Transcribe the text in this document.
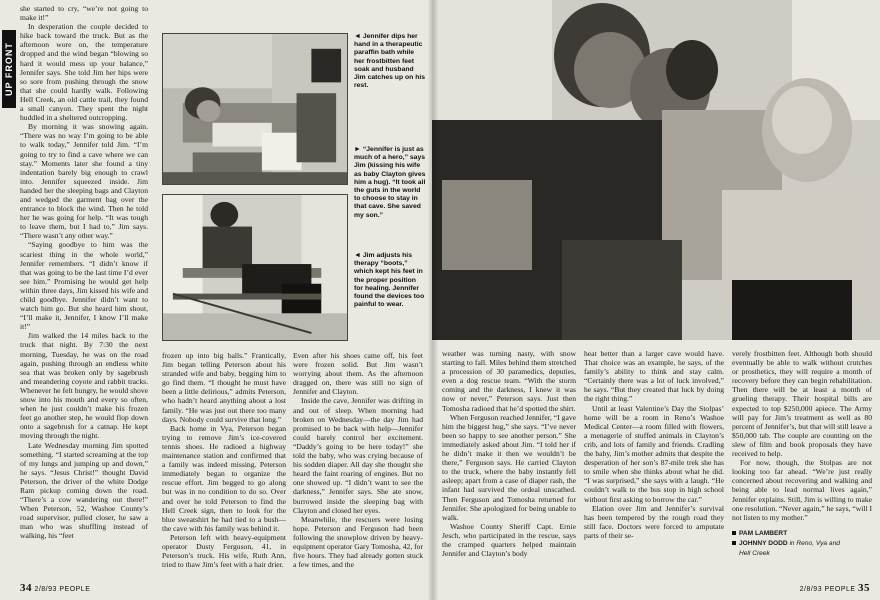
UP FRONT

she started to cry, “we’re not going to make it!”

In desperation the couple decided to hike back toward the truck. But as the afternoon wore on, the temperature dropped and the wind began “blowing so hard it would mess up your balance,” Jennifer says. She told Jim her hips were so sore from pushing through the snow that she could hardly walk. Following Hell Creek, an old cattle trail, they found a small canyon. They spent the night huddled in a sheltered outcropping.

By morning it was snowing again. “There was no way I’m going to be able to walk today,” Jennifer told Jim. “I’m going to try to find a cave where we can stay.” Moments later she found a tiny indentation barely big enough to crawl into. Jennifer squeezed inside. Jim handed her the sleeping bags and Clayton and wedged the garment bag over the entrance to block the wind. Then he told her he was going for help. “It was tough to leave them, but I had to,” Jim says. “There wasn’t any other way.”

“Saying goodbye to him was the scariest thing in the whole world,” Jennifer remembers. “I didn’t know if that was going to be the last time I’d ever see him.” Promising he would get help within three days, Jim kissed his wife and child goodbye. Jennifer didn’t want to watch him go. But she heard him shout, “I’ll make it, Jennifer, I know I’ll make it!”

Jim walked the 14 miles back to the truck that night. By 7:30 the next morning, Tuesday, he was on the road again, pushing through an endless white sea that was broken only by sagebrush and meandering coyote and rabbit tracks. Whenever he felt hungry, he would shove snow into his mouth and every so often, when he just couldn’t make his frozen feet go another step, he would flop down onto a sagebrush for a catnap. He kept moving through the night.

Late Wednesday morning Jim spotted something. “I started screaming at the top of my lungs and jumping up and down,” he says. “Jesus Christ!” thought David Peterson, the driver of the white Dodge Ram pickup coming down the road. “There’s a cow wandering out there!” When Peterson, 52, Washoe County’s road supervisor, pulled closer, he saw a man who was shuffling instead of walking, his “feet

◄ Jennifer dips her hand in a therapeutic paraffin bath while her frostbitten feet soak and husband Jim catches up on his rest.

frozen up into big balls.” Frantically, Jim began telling Peterson about his stranded wife and baby, begging him to go find them. “I thought he must have been a little delirious,” admits Peterson, who hadn’t heard anything about a lost family. “He was just out there too many days. Nobody could survive that long.”

Back home in Vya, Peterson began trying to remove Jim’s ice-covered tennis shoes. He radioed a highway maintenance station and confirmed that a family was indeed missing. Peterson immediately began to organize the rescue effort. Jim begged to go along but was in no condition to do so. Over and over he told Peterson to find the Hell Creek sign, then to look for the blue sweatshirt he had tied to a bush—the cave with his family was behind it.

Peterson left with heavy-equipment operator Dusty Ferguson, 41, in Peterson’s truck. His wife, Ruth Ann, tried to thaw Jim’s feet with a hair drier.

Even after his shoes came off, his feet were frozen solid. But Jim wasn’t worrying about them. As the afternoon dragged on, there was still no sign of Jennifer and Clayton.

Inside the cave, Jennifer was drifting in and out of sleep. When morning had broken on Wednesday—the day Jim had promised to be back with help—Jennifer could barely control her excitement. “Daddy’s going to be here today!” she told the baby, who was crying because of his sodden diaper. All day she thought she heard the faint roaring of engines. But no one showed up. “I didn’t want to see the darkness,” Jennifer says. She ate snow, burrowed inside the sleeping bag with Clayton and closed her eyes.

Meanwhile, the rescuers were losing hope. Peterson and Ferguson had been following the snowplow driven by heavy-equipment operator Gary Tomosha, 42, for five hours. They had already gotten stuck a few times, and the

34 2/8/93 PEOPLE
► “Jennifer is just as much of a hero,” says Jim (kissing his wife as baby Clayton gives him a hug). “It took all the guts in the world to choose to stay in that cave. She saved my son.”
◄ Jim adjusts his therapy “boots,” which kept his feet in the proper position for healing. Jennifer found the devices too painful to wear.

weather was turning nasty, with snow starting to fall. Miles behind them stretched a procession of 30 paramedics, deputies, even a dog rescue team. “With the storm coming and the darkness, I knew it was now or never,” Peterson says. Just then Tomosha radioed that he’d spotted the shirt.

When Ferguson reached Jennifer, “I gave him the biggest hug,” she says. “I’ve never been so happy to see another person.” She immediately asked about Jim. “I told her if he didn’t make it then we wouldn’t be there,” Ferguson says. He carried Clayton to the truck, where the baby instantly fell asleep; apart from a case of diaper rash, the infant had survived the ordeal unscathed. Then Ferguson and Tomosha returned for Jennifer. She apologized for being unable to walk.

Washoe County Sheriff Capt. Ernie Jesch, who participated in the rescue, says the cramped quarters helped maintain Jennifer and Clayton’s body

heat better than a larger cave would have. That choice was an example, he says, of the family’s ability to think and stay calm. “Certainly there was a lot of luck involved,” he says. “But they created that luck by doing the right thing.”

Until at least Valentine’s Day the Stolpas’ home will be a room in Reno’s Washoe Medical Center—a room filled with flowers, a menagerie of stuffed animals in Clayton’s crib, and lots of family and friends. Cradling the baby, Jim’s mother admits that despite the desperation of her son’s 87-mile trek she has to smile when she thinks about what he did. “I was surprised,” she says with a laugh. “He couldn’t walk to the bus stop in high school without first asking to borrow the car.”

Elation over Jim and Jennifer’s survival has been tempered by the rough road they still face. Doctors were forced to amputate parts of their se-

verely frostbitten feet. Although both should eventually be able to walk without crutches or prosthetics, they will require a month of recovery before they can begin rehabilitation. Then there will be at least a month of grueling therapy. Their hospital bills are expected to top $250,000 apiece. The Army will pay for Jim’s treatment as well as 80 percent of Jennifer’s, but that will still leave a $50,000 tab. The couple are counting on the slew of film and book proposals they have received to help.

For now, though, the Stolpas are not looking too far ahead. “We’re just really concerned about recovering and walking and being able to lead normal lives again,” Jennifer explains. Still, Jim is willing to make one resolution. “Never again,” he says, “will I not listen to my mother.”

PAM LAMBERT
JOHNNY DODD in Reno, Vya and
Hell Creek
2/8/93 PEOPLE 35
